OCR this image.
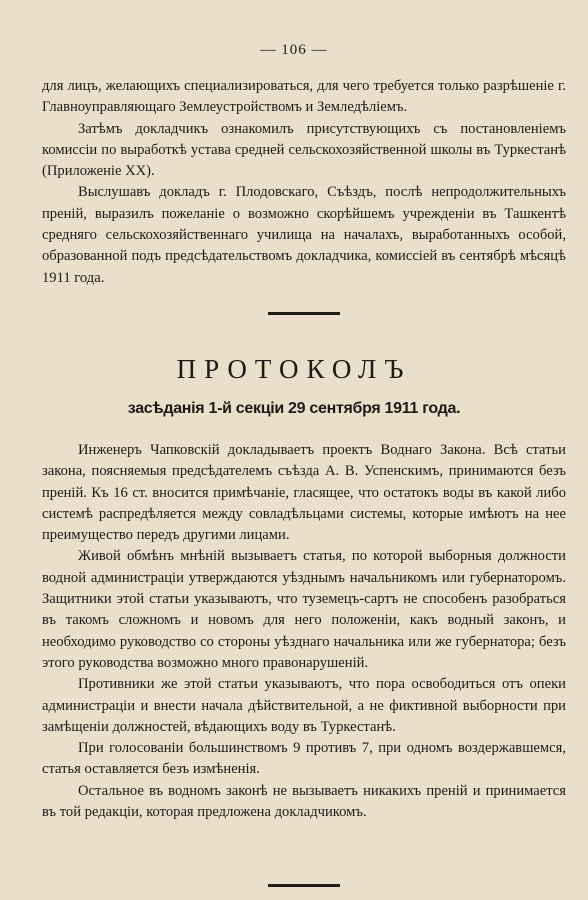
— 106 —

для лицъ, желающихъ специализироваться, для чего требуется только разрѣшеніе г. Главноуправляющаго Землеустройствомъ и Земледѣліемъ.

Затѣмъ докладчикъ ознакомилъ присутствующихъ съ постановленіемъ комиссіи по выработкѣ устава средней сельскохозяйственной школы въ Туркестанѣ (Приложеніе XX).

Выслушавъ докладъ г. Плодовскаго, Съѣздъ, послѣ непродолжительныхъ преній, выразилъ пожеланіе о возможно скорѣйшемъ учрежденіи въ Ташкентѣ средняго сельскохозяйственнаго училища на началахъ, выработанныхъ особой, образованной подъ предсѣдательствомъ докладчика, комиссіей въ сентябрѣ мѣсяцѣ 1911 года.

ПРОТОКОЛЪ
засѣданія 1-й секціи 29 сентября 1911 года.

Инженеръ Чапковскій докладываетъ проектъ Воднаго Закона. Всѣ статьи закона, поясняемыя предсѣдателемъ съѣзда А. В. Успенскимъ, принимаются безъ преній. Къ 16 ст. вносится примѣчаніе, гласящее, что остатокъ воды въ какой либо системѣ распредѣляется между совладѣльцами системы, которые имѣютъ на нее преимущество передъ другими лицами.

Живой обмѣнъ мнѣній вызываетъ статья, по которой выборныя должности водной администраціи утверждаются уѣзднымъ начальникомъ или губернаторомъ. Защитники этой статьи указываютъ, что туземецъ-сартъ не способенъ разобраться въ такомъ сложномъ и новомъ для него положеніи, какъ водный законъ, и необходимо руководство со стороны уѣзднаго начальника или же губернатора; безъ этого руководства возможно много правонарушеній.

Противники же этой статьи указываютъ, что пора освободиться отъ опеки администраціи и внести начала дѣйствительной, а не фиктивной выборности при замѣщеніи должностей, вѣдающихъ воду въ Туркестанѣ.

При голосованіи большинствомъ 9 противъ 7, при одномъ воздержавшемся, статья оставляется безъ измѣненія.

Остальное въ водномъ законѣ не вызываетъ никакихъ преній и принимается въ той редакціи, которая предложена докладчикомъ.
